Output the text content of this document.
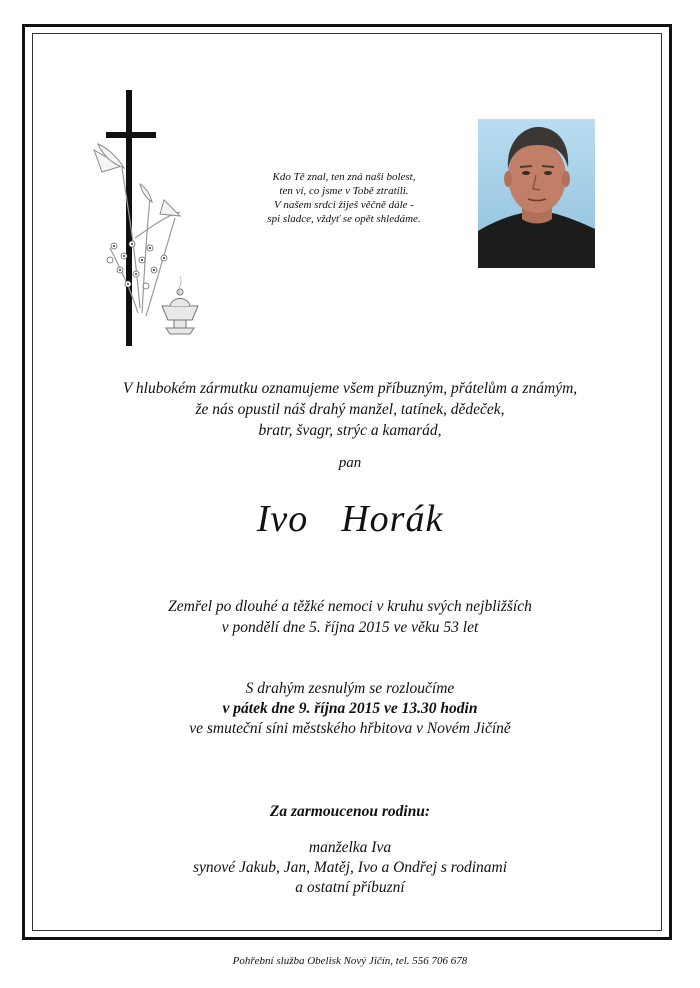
Kdo Tě znal, ten zná naši bolest,
ten ví, co jsme v Tobě ztratili.
V našem srdci žiješ věčně dále -
spi sladce, vždyť se opět shledáme.
V hlubokém zármutku oznamujeme všem příbuzným, přátelům a známým,
že nás opustil náš drahý manžel, tatínek, dědeček,
bratr, švagr, strýc a kamarád,
pan
Ivo  Horák
Zemřel po dlouhé a těžké nemoci v kruhu svých nejbližších
v pondělí dne 5. října 2015 ve věku 53 let
S drahým zesnulým se rozloučíme
v pátek dne 9. října 2015 ve 13.30 hodin
ve smuteční síni městského hřbitova v Novém Jičíně
Za zarmoucenou rodinu:
manželka Iva
synové Jakub, Jan, Matěj, Ivo a Ondřej s rodinami
a ostatní příbuzní
Pohřební služba Obelisk Nový Jičín, tel. 556 706 678
